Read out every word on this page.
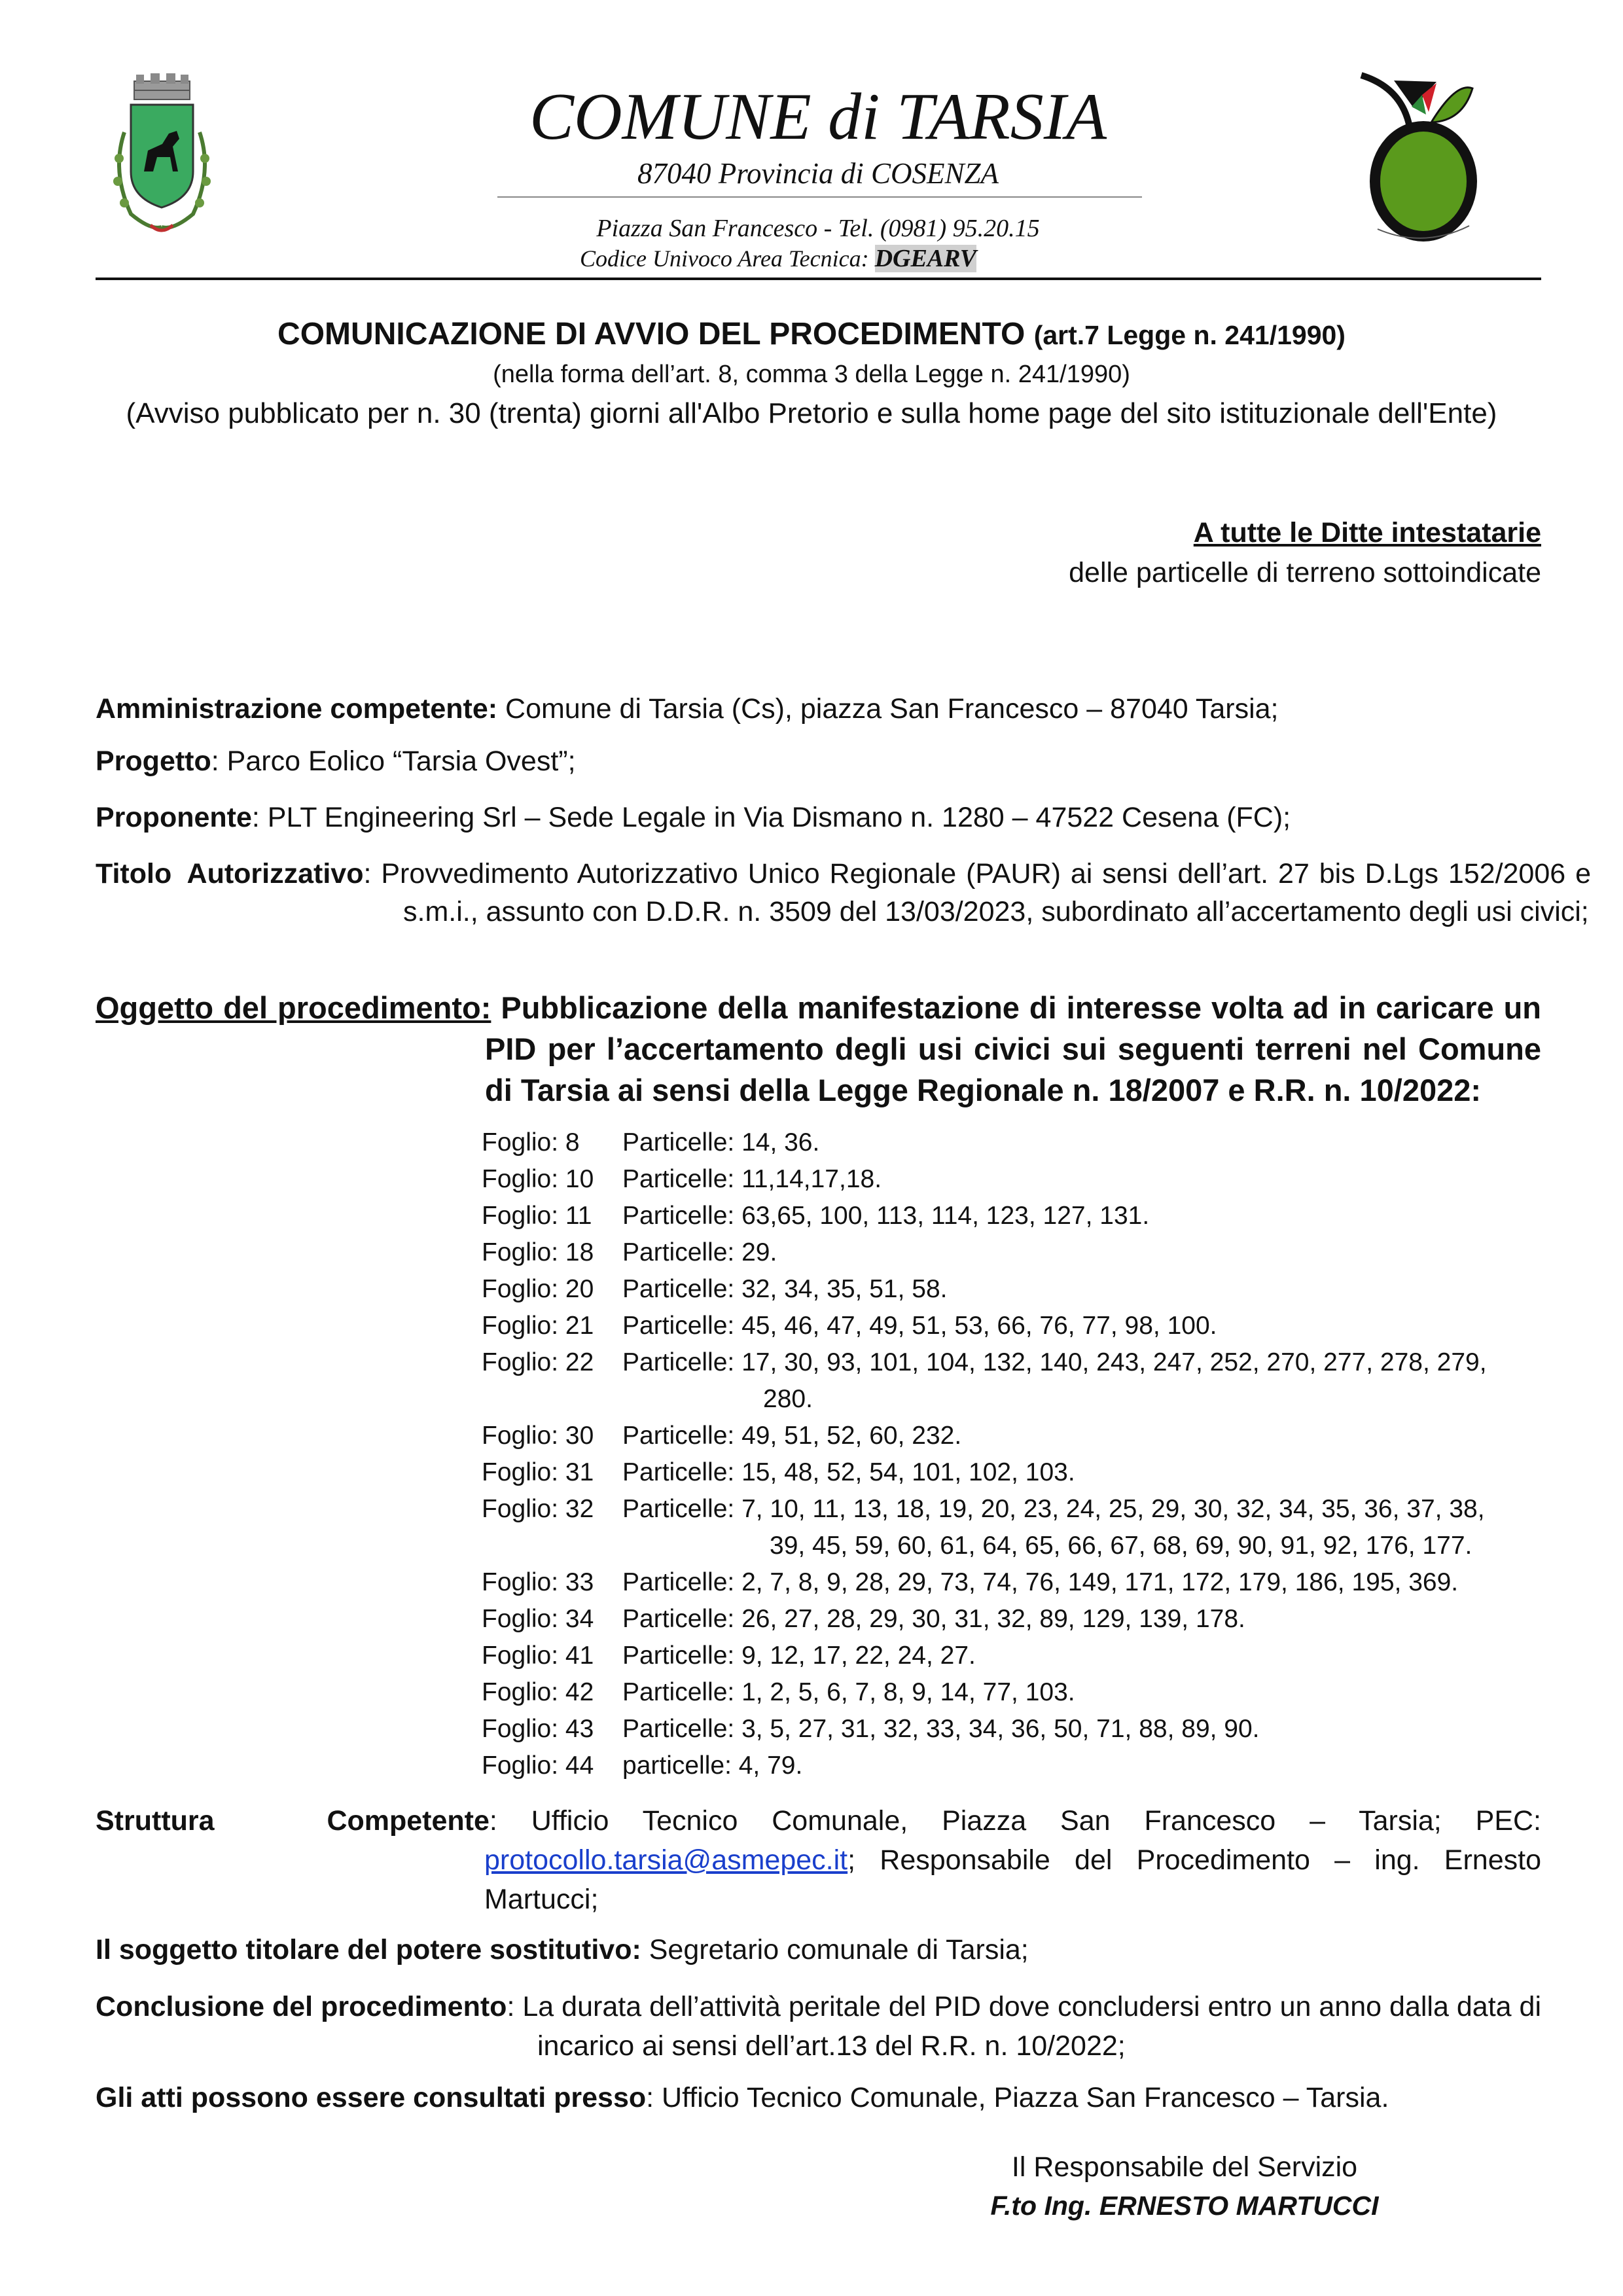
COMUNE di TARSIA
87040 Provincia di COSENZA
Piazza San Francesco - Tel. (0981) 95.20.15
Codice Univoco Area Tecnica: DGEARV
COMUNICAZIONE DI AVVIO DEL PROCEDIMENTO (art.7 Legge n. 241/1990)
(nella forma dell’art. 8, comma 3 della Legge n. 241/1990)
(Avviso pubblicato per n. 30 (trenta) giorni all'Albo Pretorio e sulla home page del sito istituzionale dell'Ente)
A tutte le Ditte intestatarie
delle particelle di terreno sottoindicate
Amministrazione competente: Comune di Tarsia (Cs), piazza San Francesco – 87040 Tarsia;
Progetto: Parco Eolico “Tarsia Ovest”;
Proponente: PLT Engineering Srl – Sede Legale in Via Dismano n. 1280 – 47522 Cesena (FC);
Titolo Autorizzativo: Provvedimento Autorizzativo Unico Regionale (PAUR) ai sensi dell’art. 27 bis D.Lgs 152/2006 e s.m.i., assunto con D.D.R. n. 3509 del 13/03/2023, subordinato all’accertamento degli usi civici;
Oggetto del procedimento: Pubblicazione della manifestazione di interesse volta ad in caricare un PID per l’accertamento degli usi civici sui seguenti terreni nel Comune di Tarsia ai sensi della Legge Regionale n. 18/2007 e R.R. n. 10/2022:
Foglio: 8 Particelle: 14, 36.
Foglio: 10 Particelle: 11,14,17,18.
Foglio: 11 Particelle: 63,65, 100, 113, 114, 123, 127, 131.
Foglio: 18 Particelle: 29.
Foglio: 20 Particelle: 32, 34, 35, 51, 58.
Foglio: 21 Particelle: 45, 46, 47, 49, 51, 53, 66, 76, 77, 98, 100.
Foglio: 22 Particelle: 17, 30, 93, 101, 104, 132, 140, 243, 247, 252, 270, 277, 278, 279,
280.
Foglio: 30 Particelle: 49, 51, 52, 60, 232.
Foglio: 31 Particelle: 15, 48, 52, 54, 101, 102, 103.
Foglio: 32 Particelle: 7, 10, 11, 13, 18, 19, 20, 23, 24, 25, 29, 30, 32, 34, 35, 36, 37, 38,
39, 45, 59, 60, 61, 64, 65, 66, 67, 68, 69, 90, 91, 92, 176, 177.
Foglio: 33 Particelle: 2, 7, 8, 9, 28, 29, 73, 74, 76, 149, 171, 172, 179, 186, 195, 369.
Foglio: 34 Particelle: 26, 27, 28, 29, 30, 31, 32, 89, 129, 139, 178.
Foglio: 41 Particelle: 9, 12, 17, 22, 24, 27.
Foglio: 42 Particelle: 1, 2, 5, 6, 7, 8, 9, 14, 77, 103.
Foglio: 43 Particelle: 3, 5, 27, 31, 32, 33, 34, 36, 50, 71, 88, 89, 90.
Foglio: 44 particelle: 4, 79.
Struttura Competente: Ufficio Tecnico Comunale, Piazza San Francesco – Tarsia; PEC: protocollo.tarsia@asmepec.it; Responsabile del Procedimento – ing. Ernesto Martucci;
Il soggetto titolare del potere sostitutivo: Segretario comunale di Tarsia;
Conclusione del procedimento: La durata dell’attività peritale del PID dove concludersi entro un anno dalla data di incarico ai sensi dell’art.13 del R.R. n. 10/2022;
Gli atti possono essere consultati presso: Ufficio Tecnico Comunale, Piazza San Francesco – Tarsia.
Il Responsabile del Servizio
F.to Ing. ERNESTO MARTUCCI
